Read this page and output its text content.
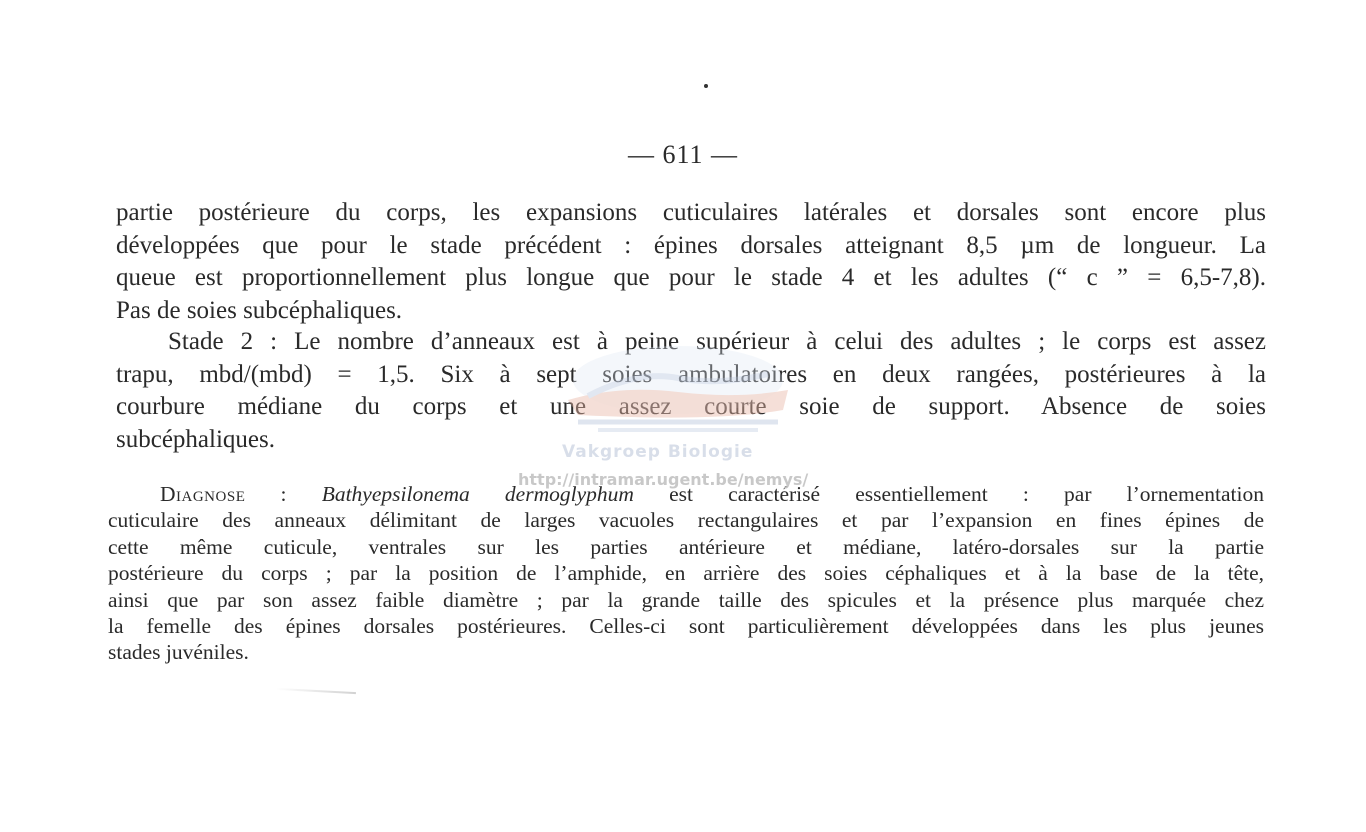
— 611 —
partie postérieure du corps, les expansions cuticulaires latérales et dorsales sont encore plus
développées que pour le stade précédent : épines dorsales atteignant 8,5 µm de longueur. La
queue est proportionnellement plus longue que pour le stade 4 et les adultes (“ c ” = 6,5-7,8).
Pas de soies subcéphaliques.
Stade 2 : Le nombre d’anneaux est à peine supérieur à celui des adultes ; le corps est assez
trapu, mbd/(mbd) = 1,5. Six à sept soies ambulatoires en deux rangées, postérieures à la
courbure médiane du corps et une assez courte soie de support. Absence de soies
subcéphaliques.
Diagnose : Bathyepsilonema dermoglyphum est caractérisé essentiellement : par l’ornementation
cuticulaire des anneaux délimitant de larges vacuoles rectangulaires et par l’expansion en fines épines de
cette même cuticule, ventrales sur les parties antérieure et médiane, latéro-dorsales sur la partie
postérieure du corps ; par la position de l’amphide, en arrière des soies céphaliques et à la base de la tête,
ainsi que par son assez faible diamètre ; par la grande taille des spicules et la présence plus marquée chez
la femelle des épines dorsales postérieures. Celles-ci sont particulièrement développées dans les plus jeunes
stades juvéniles.
Vakgroep Biologie
http://intramar.ugent.be/nemys/
